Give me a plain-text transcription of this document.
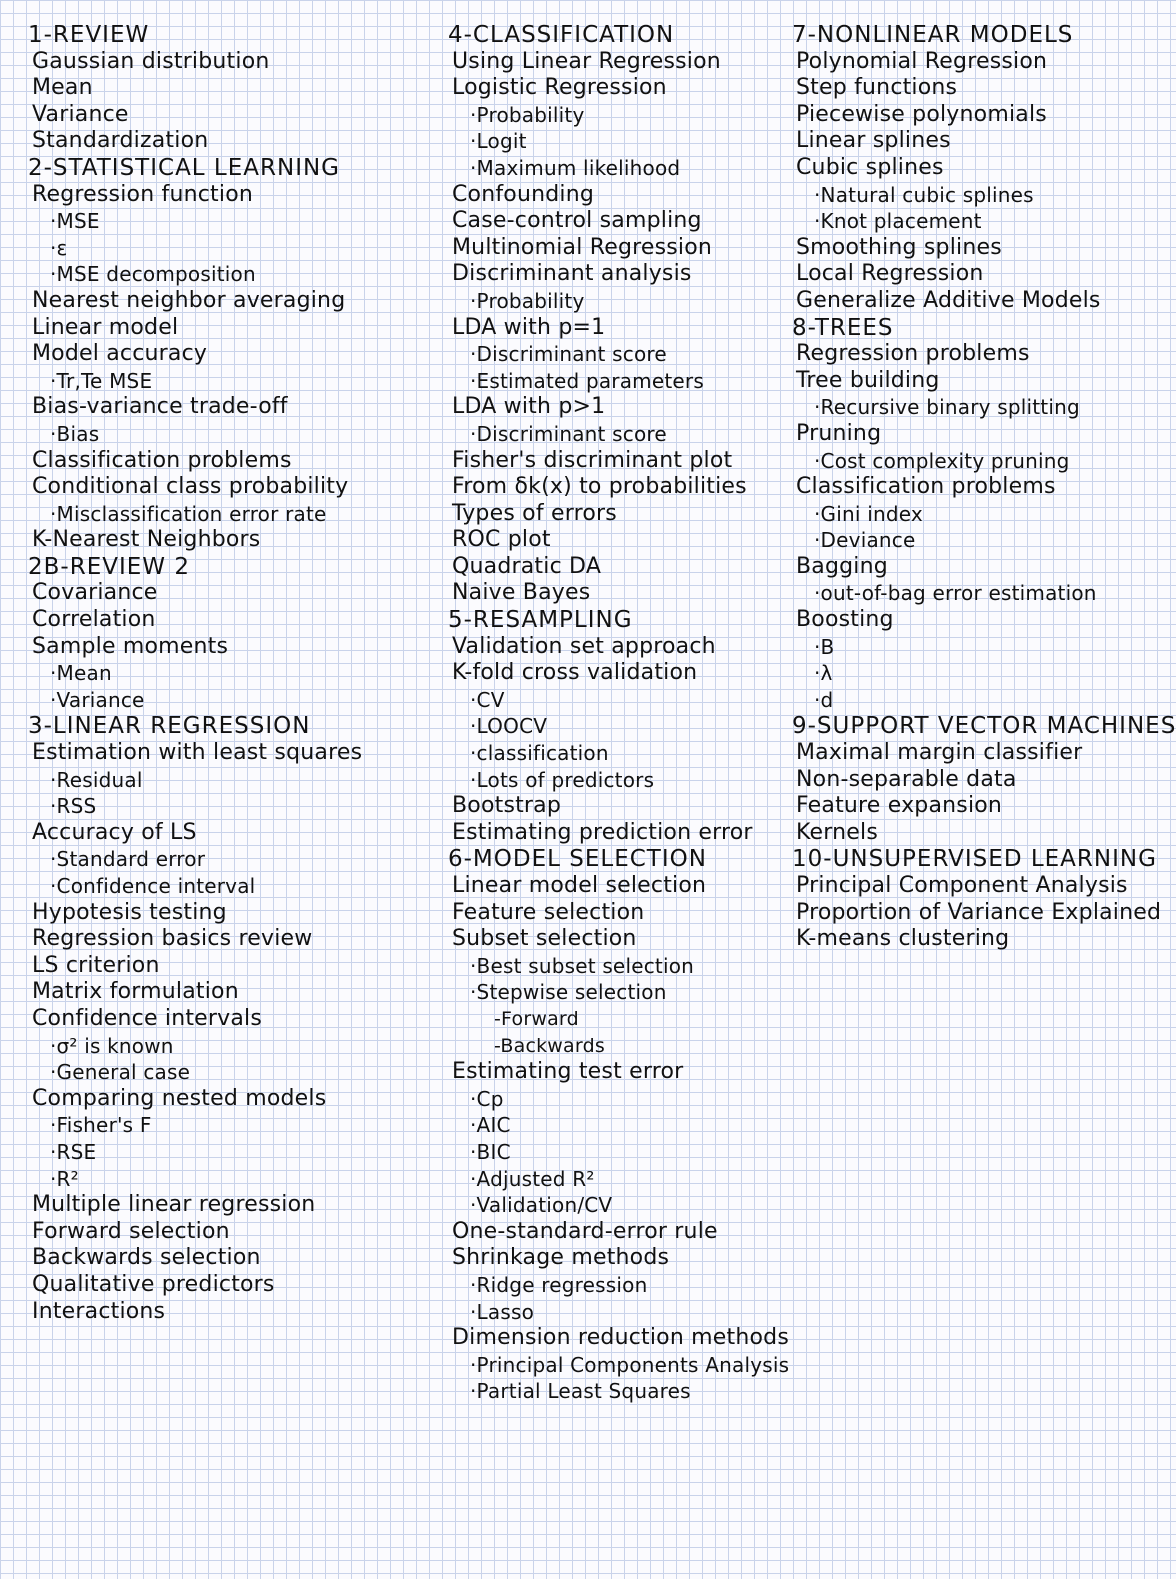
1-REVIEW
Gaussian distribution
Mean
Variance
Standardization
2-STATISTICAL LEARNING
Regression function
·MSE
·ε
·MSE decomposition
Nearest neighbor averaging
Linear model
Model accuracy
·Tr,Te MSE
Bias-variance trade-off
·Bias
Classification problems
Conditional class probability
·Misclassification error rate
K-Nearest Neighbors
2B-REVIEW 2
Covariance
Correlation
Sample moments
·Mean
·Variance
3-LINEAR REGRESSION
Estimation with least squares
·Residual
·RSS
Accuracy of LS
·Standard error
·Confidence interval
Hypotesis testing
Regression basics review
LS criterion
Matrix formulation
Confidence intervals
·σ² is known
·General case
Comparing nested models
·Fisher's F
·RSE
·R²
Multiple linear regression
Forward selection
Backwards selection
Qualitative predictors
Interactions
4-CLASSIFICATION
Using Linear Regression
Logistic Regression
·Probability
·Logit
·Maximum likelihood
Confounding
Case-control sampling
Multinomial Regression
Discriminant analysis
·Probability
LDA with p=1
·Discriminant score
·Estimated parameters
LDA with p>1
·Discriminant score
Fisher's discriminant plot
From δk(x) to probabilities
Types of errors
ROC plot
Quadratic DA
Naive Bayes
5-RESAMPLING
Validation set approach
K-fold cross validation
·CV
·LOOCV
·classification
·Lots of predictors
Bootstrap
Estimating prediction error
6-MODEL SELECTION
Linear model selection
Feature selection
Subset selection
·Best subset selection
·Stepwise selection
-Forward
-Backwards
Estimating test error
·Cp
·AIC
·BIC
·Adjusted R²
·Validation/CV
One-standard-error rule
Shrinkage methods
·Ridge regression
·Lasso
Dimension reduction methods
·Principal Components Analysis
·Partial Least Squares
7-NONLINEAR MODELS
Polynomial Regression
Step functions
Piecewise polynomials
Linear splines
Cubic splines
·Natural cubic splines
·Knot placement
Smoothing splines
Local Regression
Generalize Additive Models
8-TREES
Regression problems
Tree building
·Recursive binary splitting
Pruning
·Cost complexity pruning
Classification problems
·Gini index
·Deviance
Bagging
·out-of-bag error estimation
Boosting
·B
·λ
·d
9-SUPPORT VECTOR MACHINES
Maximal margin classifier
Non-separable data
Feature expansion
Kernels
10-UNSUPERVISED LEARNING
Principal Component Analysis
Proportion of Variance Explained
K-means clustering
